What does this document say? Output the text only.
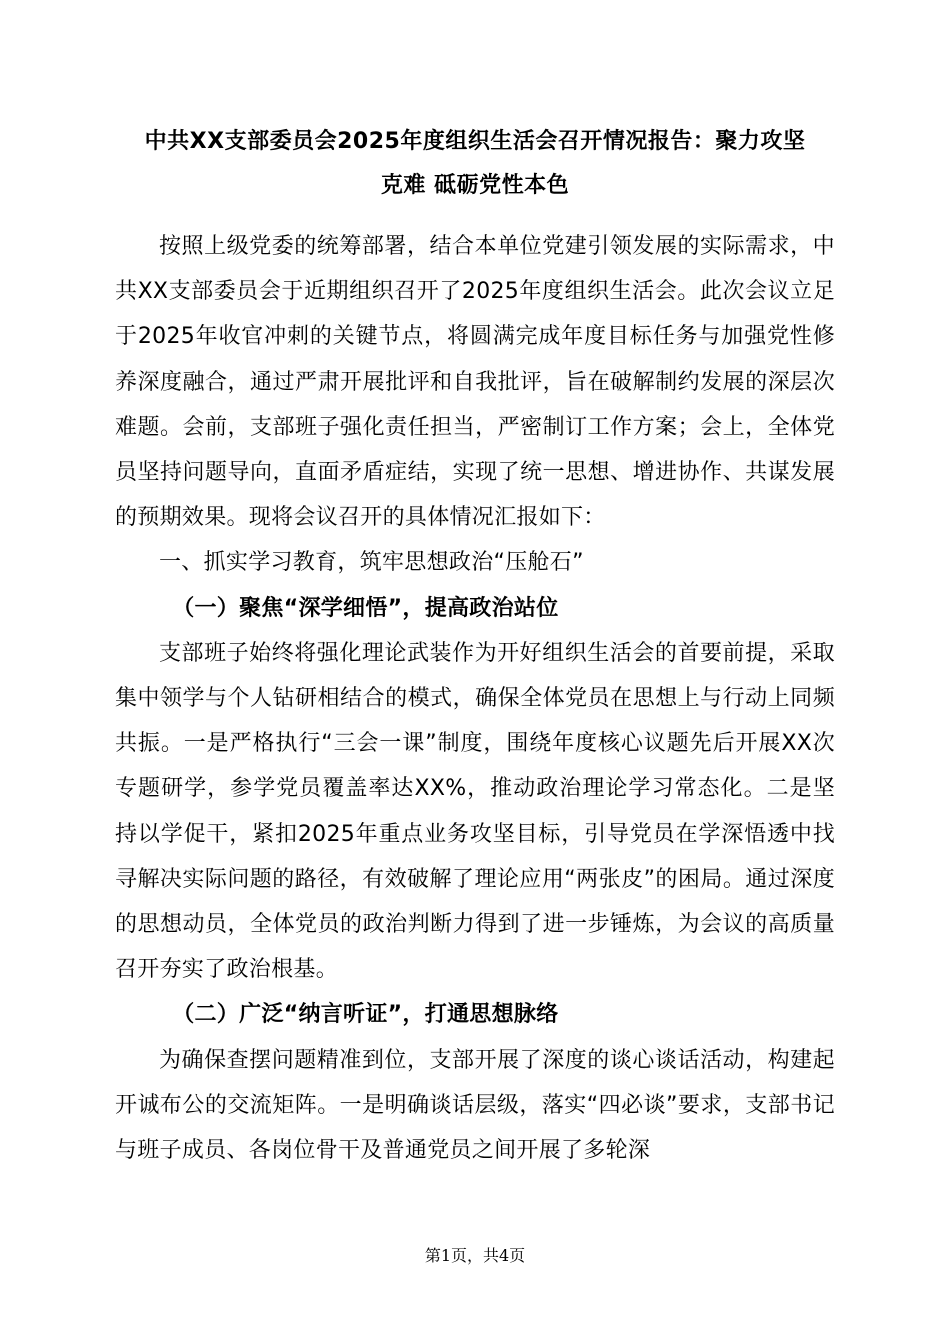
中共XX支部委员会2025年度组织生活会召开情况报告：聚力攻坚
克难 砥砺党性本色

按照上级党委的统筹部署，结合本单位党建引领发展的实际需求，中共XX支部委员会于近期组织召开了2025年度组织生活会。此次会议立足于2025年收官冲刺的关键节点，将圆满完成年度目标任务与加强党性修养深度融合，通过严肃开展批评和自我批评，旨在破解制约发展的深层次难题。会前，支部班子强化责任担当，严密制订工作方案；会上，全体党员坚持问题导向，直面矛盾症结，实现了统一思想、增进协作、共谋发展的预期效果。现将会议召开的具体情况汇报如下：

一、抓实学习教育，筑牢思想政治“压舱石”

（一）聚焦“深学细悟”，提高政治站位

支部班子始终将强化理论武装作为开好组织生活会的首要前提，采取集中领学与个人钻研相结合的模式，确保全体党员在思想上与行动上同频共振。一是严格执行“三会一课”制度，围绕年度核心议题先后开展XX次专题研学，参学党员覆盖率达XX%，推动政治理论学习常态化。二是坚持以学促干，紧扣2025年重点业务攻坚目标，引导党员在学深悟透中找寻解决实际问题的路径，有效破解了理论应用“两张皮”的困局。通过深度的思想动员，全体党员的政治判断力得到了进一步锤炼，为会议的高质量召开夯实了政治根基。

（二）广泛“纳言听证”，打通思想脉络

为确保查摆问题精准到位，支部开展了深度的谈心谈话活动，构建起开诚布公的交流矩阵。一是明确谈话层级，落实“四必谈”要求，支部书记与班子成员、各岗位骨干及普通党员之间开展了多轮深

第1页，共4页
